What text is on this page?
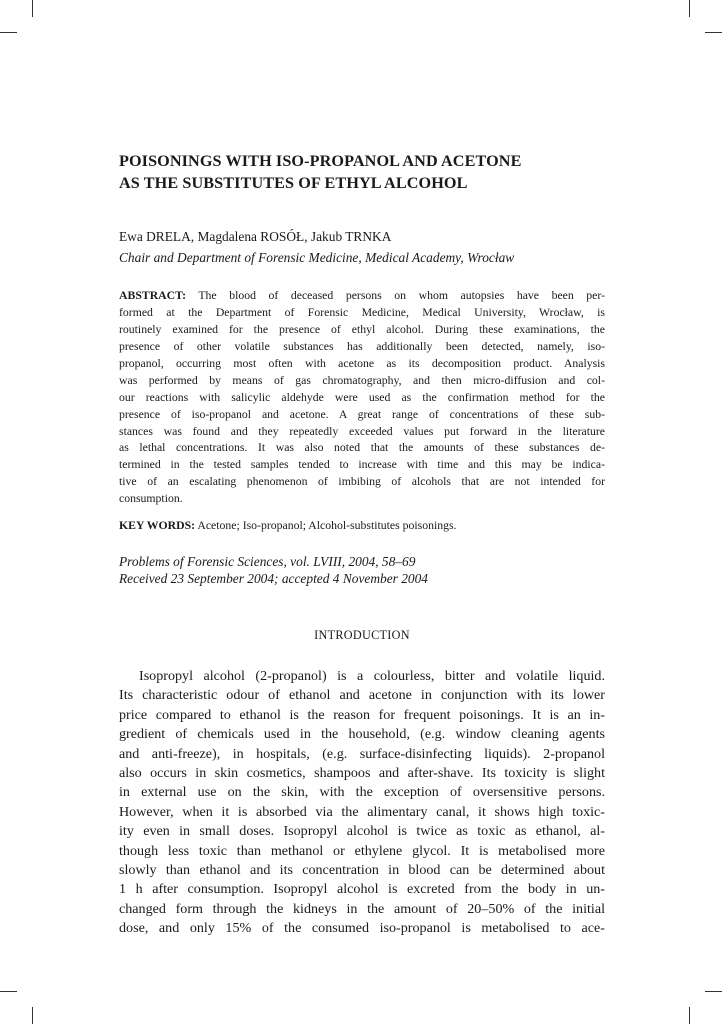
POISONINGS WITH ISO-PROPANOL AND ACETONE
AS THE SUBSTITUTES OF ETHYL ALCOHOL
Ewa DRELA, Magdalena ROSÓŁ, Jakub TRNKA
Chair and Department of Forensic Medicine, Medical Academy, Wrocław
ABSTRACT: The blood of deceased persons on whom autopsies have been per-
formed at the Department of Forensic Medicine, Medical University, Wrocław, is
routinely examined for the presence of ethyl alcohol. During these examinations, the
presence of other volatile substances has additionally been detected, namely, iso-
propanol, occurring most often with acetone as its decomposition product. Analysis
was performed by means of gas chromatography, and then micro-diffusion and col-
our reactions with salicylic aldehyde were used as the confirmation method for the
presence of iso-propanol and acetone. A great range of concentrations of these sub-
stances was found and they repeatedly exceeded values put forward in the literature
as lethal concentrations. It was also noted that the amounts of these substances de-
termined in the tested samples tended to increase with time and this may be indica-
tive of an escalating phenomenon of imbibing of alcohols that are not intended for
consumption.
KEY WORDS: Acetone; Iso-propanol; Alcohol-substitutes poisonings.
Problems of Forensic Sciences, vol. LVIII, 2004, 58–69
Received 23 September 2004; accepted 4 November 2004
INTRODUCTION
Isopropyl alcohol (2-propanol) is a colourless, bitter and volatile liquid.
Its characteristic odour of ethanol and acetone in conjunction with its lower
price compared to ethanol is the reason for frequent poisonings. It is an in-
gredient of chemicals used in the household, (e.g. window cleaning agents
and anti-freeze), in hospitals, (e.g. surface-disinfecting liquids). 2-propanol
also occurs in skin cosmetics, shampoos and after-shave. Its toxicity is slight
in external use on the skin, with the exception of oversensitive persons.
However, when it is absorbed via the alimentary canal, it shows high toxic-
ity even in small doses. Isopropyl alcohol is twice as toxic as ethanol, al-
though less toxic than methanol or ethylene glycol. It is metabolised more
slowly than ethanol and its concentration in blood can be determined about
1 h after consumption. Isopropyl alcohol is excreted from the body in un-
changed form through the kidneys in the amount of 20–50% of the initial
dose, and only 15% of the consumed iso-propanol is metabolised to ace-
